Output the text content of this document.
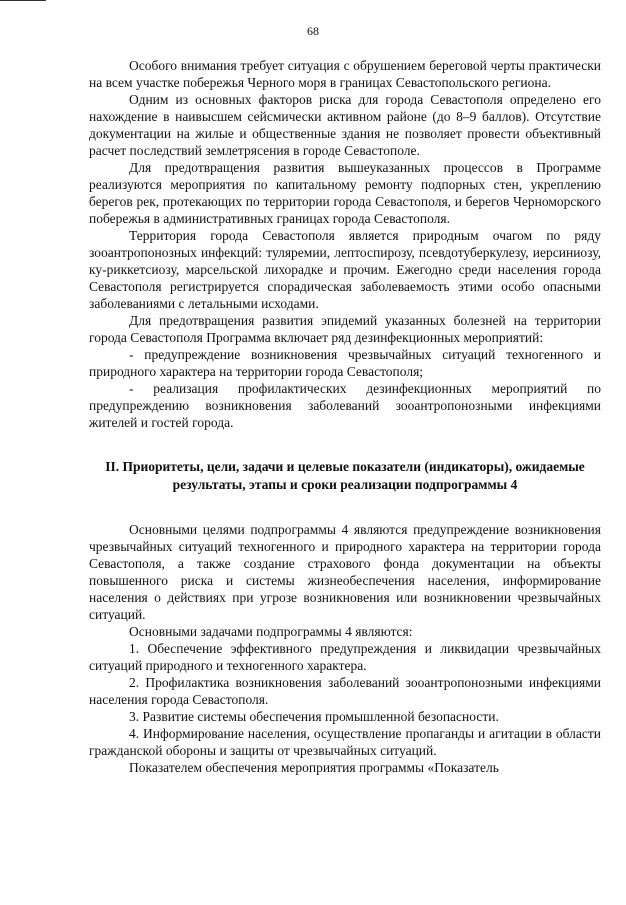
68

Особого внимания требует ситуация с обрушением береговой черты практически на всем участке побережья Черного моря в границах Севастопольского региона.

Одним из основных факторов риска для города Севастополя определено его нахождение в наивысшем сейсмически активном районе (до 8–9 баллов). Отсутствие документации на жилые и общественные здания не позволяет провести объективный расчет последствий землетрясения в городе Севастополе.

Для предотвращения развития вышеуказанных процессов в Программе реализуются мероприятия по капитальному ремонту подпорных стен, укреплению берегов рек, протекающих по территории города Севастополя, и берегов Черноморского побережья в административных границах города Севастополя.

Территория города Севастополя является природным очагом по ряду зооантропонозных инфекций: туляремии, лептоспирозу, псевдотуберкулезу, иерсиниозу, ку-риккетсиозу, марсельской лихорадке и прочим. Ежегодно среди населения города Севастополя регистрируется спорадическая заболеваемость этими особо опасными заболеваниями с летальными исходами.

Для предотвращения развития эпидемий указанных болезней на территории города Севастополя Программа включает ряд дезинфекционных мероприятий:

- предупреждение возникновения чрезвычайных ситуаций техногенного и природного характера на территории города Севастополя;

- реализация профилактических дезинфекционных мероприятий по предупреждению возникновения заболеваний зооантропонозными инфекциями жителей и гостей города.

II. Приоритеты, цели, задачи и целевые показатели (индикаторы), ожидаемые результаты, этапы и сроки реализации подпрограммы 4

Основными целями подпрограммы 4 являются предупреждение возникновения чрезвычайных ситуаций техногенного и природного характера на территории города Севастополя, а также создание страхового фонда документации на объекты повышенного риска и системы жизнеобеспечения населения, информирование населения о действиях при угрозе возникновения или возникновении чрезвычайных ситуаций.

Основными задачами подпрограммы 4 являются:

1. Обеспечение эффективного предупреждения и ликвидации чрезвычайных ситуаций природного и техногенного характера.

2. Профилактика возникновения заболеваний зооантропонозными инфекциями населения города Севастополя.

3. Развитие системы обеспечения промышленной безопасности.

4. Информирование населения, осуществление пропаганды и агитации в области гражданской обороны и защиты от чрезвычайных ситуаций.

Показателем обеспечения мероприятия программы «Показатель
